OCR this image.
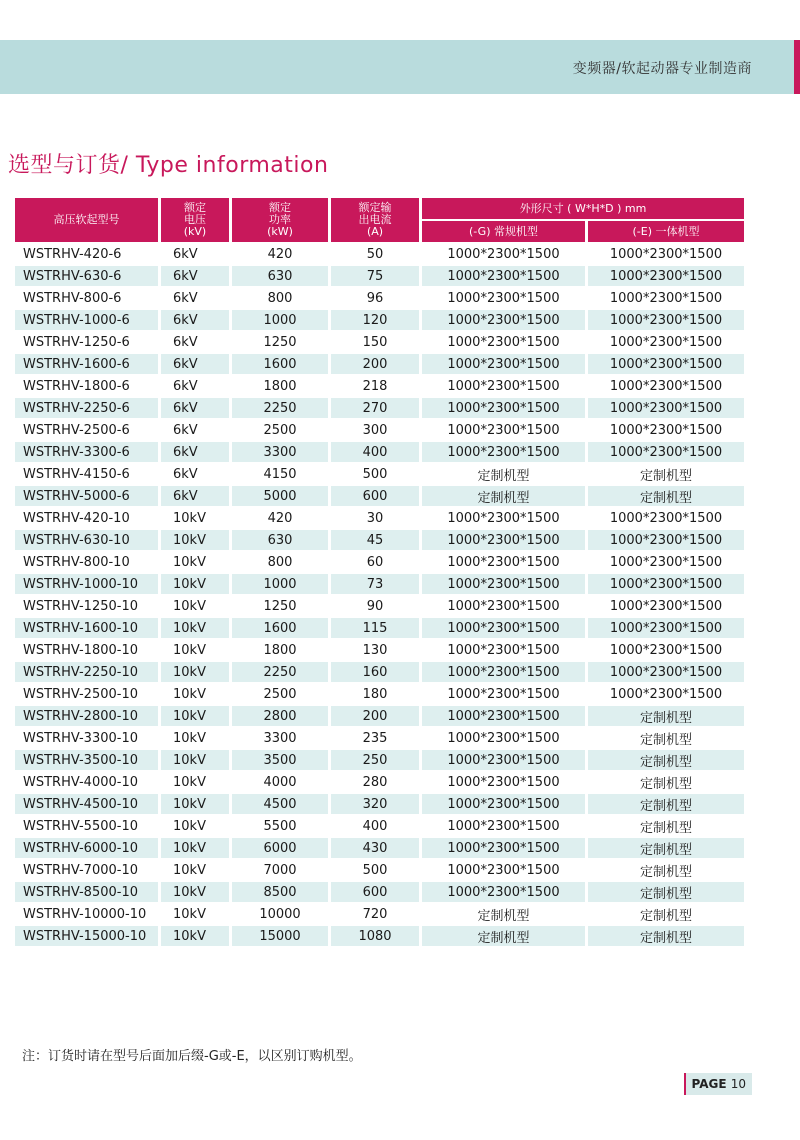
变频器/软起动器专业制造商
选型与订货/ Type information
高压软起型号	额定
电压
(kV)	额定
功率
(kW)	额定输
出电流
(A)	外形尺寸 ( W*H*D ) mm	
				(-G) 常规机型	(-E) 一体机型
WSTRHV-420-6	6kV	420	50	1000*2300*1500	1000*2300*1500
WSTRHV-630-6	6kV	630	75	1000*2300*1500	1000*2300*1500
WSTRHV-800-6	6kV	800	96	1000*2300*1500	1000*2300*1500
WSTRHV-1000-6	6kV	1000	120	1000*2300*1500	1000*2300*1500
WSTRHV-1250-6	6kV	1250	150	1000*2300*1500	1000*2300*1500
WSTRHV-1600-6	6kV	1600	200	1000*2300*1500	1000*2300*1500
WSTRHV-1800-6	6kV	1800	218	1000*2300*1500	1000*2300*1500
WSTRHV-2250-6	6kV	2250	270	1000*2300*1500	1000*2300*1500
WSTRHV-2500-6	6kV	2500	300	1000*2300*1500	1000*2300*1500
WSTRHV-3300-6	6kV	3300	400	1000*2300*1500	1000*2300*1500
WSTRHV-4150-6	6kV	4150	500	定制机型	定制机型
WSTRHV-5000-6	6kV	5000	600	定制机型	定制机型
WSTRHV-420-10	10kV	420	30	1000*2300*1500	1000*2300*1500
WSTRHV-630-10	10kV	630	45	1000*2300*1500	1000*2300*1500
WSTRHV-800-10	10kV	800	60	1000*2300*1500	1000*2300*1500
WSTRHV-1000-10	10kV	1000	73	1000*2300*1500	1000*2300*1500
WSTRHV-1250-10	10kV	1250	90	1000*2300*1500	1000*2300*1500
WSTRHV-1600-10	10kV	1600	115	1000*2300*1500	1000*2300*1500
WSTRHV-1800-10	10kV	1800	130	1000*2300*1500	1000*2300*1500
WSTRHV-2250-10	10kV	2250	160	1000*2300*1500	1000*2300*1500
WSTRHV-2500-10	10kV	2500	180	1000*2300*1500	1000*2300*1500
WSTRHV-2800-10	10kV	2800	200	1000*2300*1500	定制机型
WSTRHV-3300-10	10kV	3300	235	1000*2300*1500	定制机型
WSTRHV-3500-10	10kV	3500	250	1000*2300*1500	定制机型
WSTRHV-4000-10	10kV	4000	280	1000*2300*1500	定制机型
WSTRHV-4500-10	10kV	4500	320	1000*2300*1500	定制机型
WSTRHV-5500-10	10kV	5500	400	1000*2300*1500	定制机型
WSTRHV-6000-10	10kV	6000	430	1000*2300*1500	定制机型
WSTRHV-7000-10	10kV	7000	500	1000*2300*1500	定制机型
WSTRHV-8500-10	10kV	8500	600	1000*2300*1500	定制机型
WSTRHV-10000-10	10kV	10000	720	定制机型	定制机型
WSTRHV-15000-10	10kV	15000	1080	定制机型	定制机型
注：订货时请在型号后面加后缀-G或-E，以区别订购机型。
PAGE 10
